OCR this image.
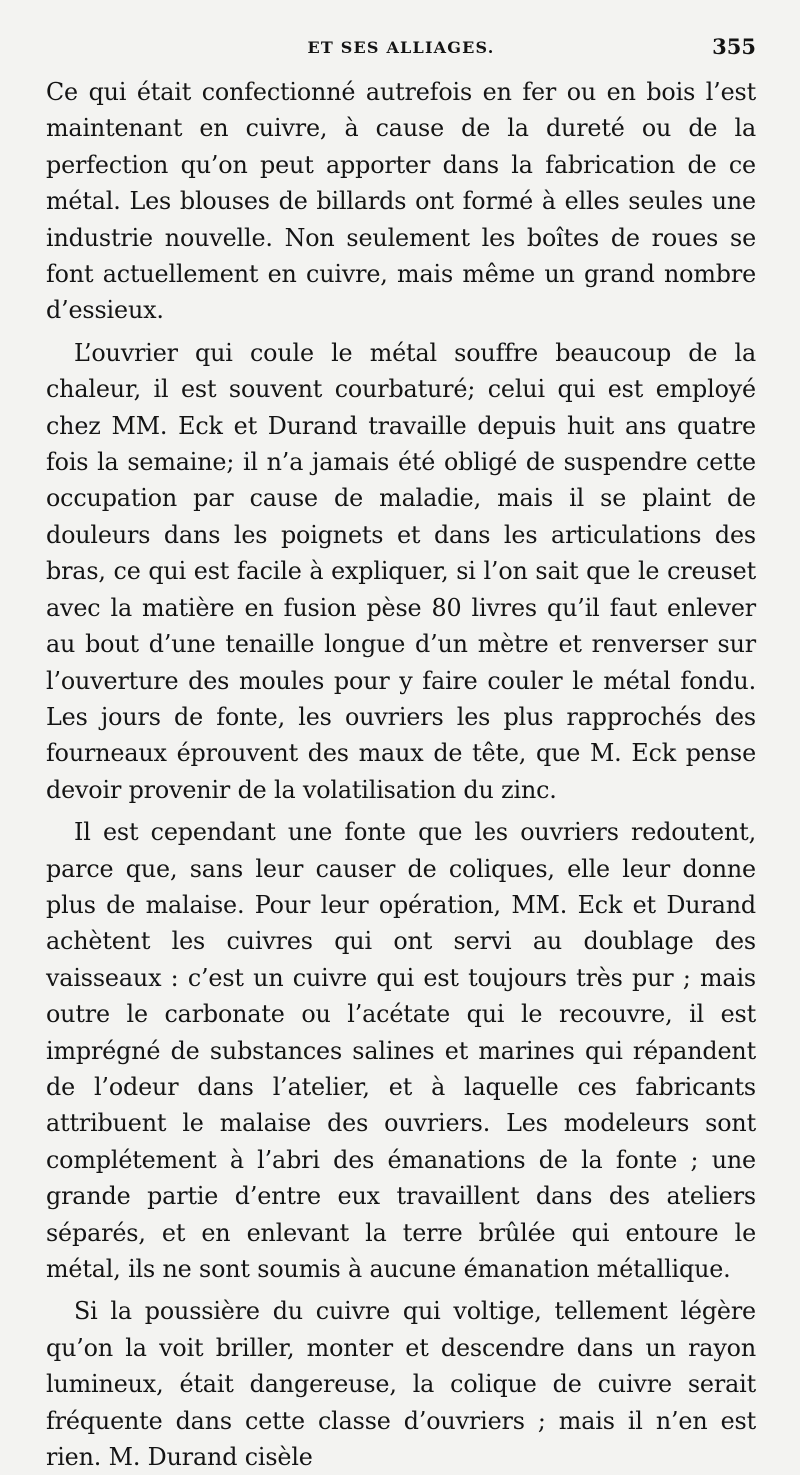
ET SES ALLIAGES.	355

Ce qui était confectionné autrefois en fer ou en bois l’est maintenant en cuivre, à cause de la dureté ou de la perfection qu’on peut apporter dans la fabrication de ce métal. Les blouses de billards ont formé à elles seules une industrie nouvelle. Non seulement les boîtes de roues se font actuellement en cuivre, mais même un grand nombre d’essieux.

L’ouvrier qui coule le métal souffre beaucoup de la chaleur, il est souvent courbaturé; celui qui est employé chez MM. Eck et Durand travaille depuis huit ans quatre fois la semaine; il n’a jamais été obligé de suspendre cette occupation par cause de maladie, mais il se plaint de douleurs dans les poignets et dans les articulations des bras, ce qui est facile à expliquer, si l’on sait que le creuset avec la matière en fusion pèse 80 livres qu’il faut enlever au bout d’une tenaille longue d’un mètre et renverser sur l’ouverture des moules pour y faire couler le métal fondu. Les jours de fonte, les ouvriers les plus rapprochés des fourneaux éprouvent des maux de tête, que M. Eck pense devoir provenir de la volatilisation du zinc.

Il est cependant une fonte que les ouvriers redoutent, parce que, sans leur causer de coliques, elle leur donne plus de malaise. Pour leur opération, MM. Eck et Durand achètent les cuivres qui ont servi au doublage des vaisseaux : c’est un cuivre qui est toujours très pur ; mais outre le carbonate ou l’acétate qui le recouvre, il est imprégné de substances salines et marines qui répandent de l’odeur dans l’atelier, et à laquelle ces fabricants attribuent le malaise des ouvriers. Les modeleurs sont complétement à l’abri des émanations de la fonte ; une grande partie d’entre eux travaillent dans des ateliers séparés, et en enlevant la terre brûlée qui entoure le métal, ils ne sont soumis à aucune émanation métallique.

Si la poussière du cuivre qui voltige, tellement légère qu’on la voit briller, monter et descendre dans un rayon lumineux, était dangereuse, la colique de cuivre serait fréquente dans cette classe d’ouvriers ; mais il n’en est rien. M. Durand cisèle
